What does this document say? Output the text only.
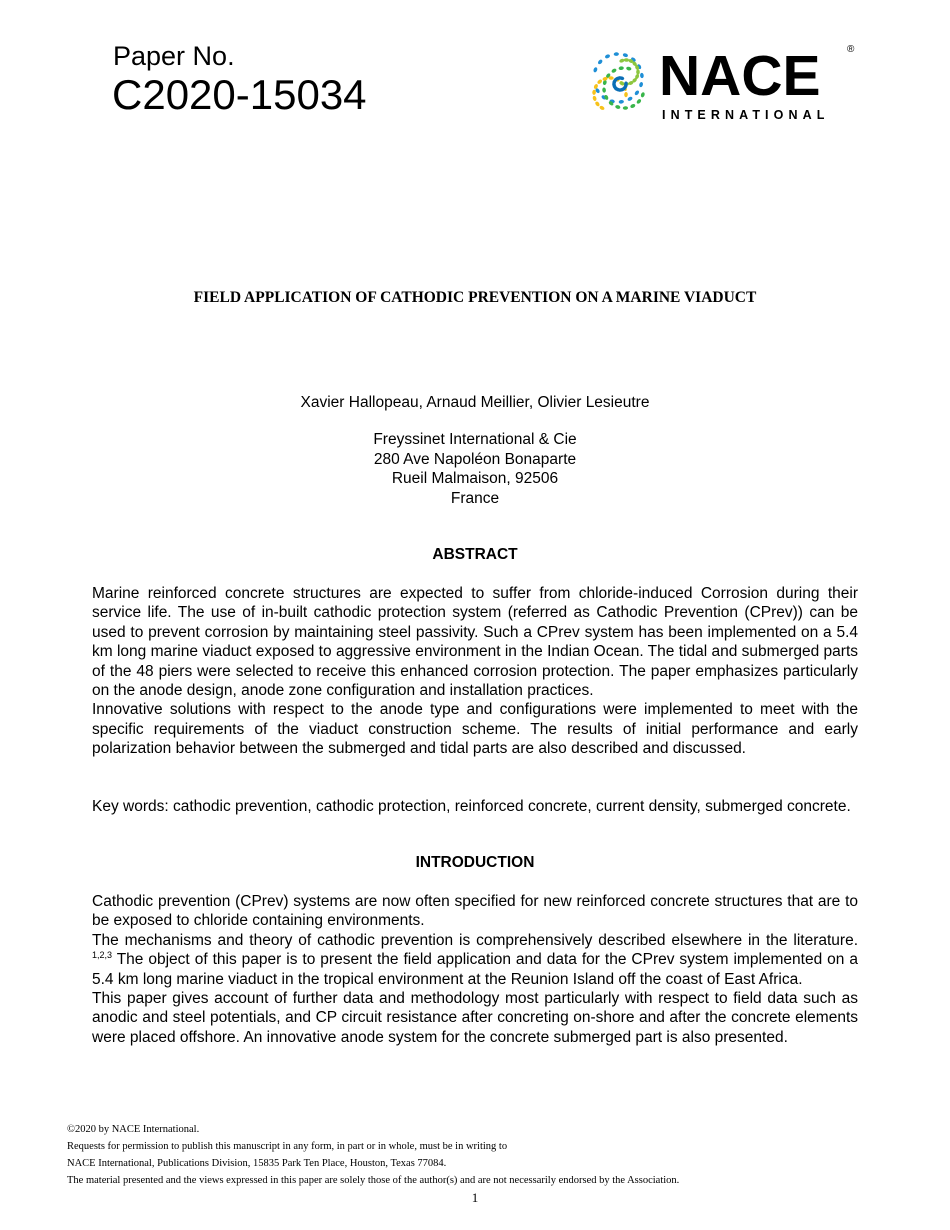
Paper No.
C2020-15034	NACE	®
INTERNATIONAL
FIELD APPLICATION OF CATHODIC PREVENTION ON A MARINE VIADUCT
Xavier Hallopeau, Arnaud Meillier, Olivier Lesieutre
Freyssinet International & Cie
280 Ave Napoléon Bonaparte
Rueil Malmaison, 92506
France
ABSTRACT

Marine reinforced concrete structures are expected to suffer from chloride-induced Corrosion during their service life. The use of in-built cathodic protection system (referred as Cathodic Prevention (CPrev)) can be used to prevent corrosion by maintaining steel passivity. Such a CPrev system has been implemented on a 5.4 km long marine viaduct exposed to aggressive environment in the Indian Ocean. The tidal and submerged parts of the 48 piers were selected to receive this enhanced corrosion protection. The paper emphasizes particularly on the anode design, anode zone configuration and installation practices.

Innovative solutions with respect to the anode type and configurations were implemented to meet with the specific requirements of the viaduct construction scheme. The results of initial performance and early polarization behavior between the submerged and tidal parts are also described and discussed.

Key words: cathodic prevention, cathodic protection, reinforced concrete, current density, submerged concrete.
INTRODUCTION

Cathodic prevention (CPrev) systems are now often specified for new reinforced concrete structures that are to be exposed to chloride containing environments.

The mechanisms and theory of cathodic prevention is comprehensively described elsewhere in the literature. $^{1,2,3}$ The object of this paper is to present the field application and data for the CPrev system implemented on a 5.4 km long marine viaduct in the tropical environment at the Reunion Island off the coast of East Africa.

This paper gives account of further data and methodology most particularly with respect to field data such as anodic and steel potentials, and CP circuit resistance after concreting on-shore and after the concrete elements were placed offshore. An innovative anode system for the concrete submerged part is also presented.

©2020 by NACE International.
Requests for permission to publish this manuscript in any form, in part or in whole, must be in writing to
NACE International, Publications Division, 15835 Park Ten Place, Houston, Texas 77084.
The material presented and the views expressed in this paper are solely those of the author(s) and are not necessarily endorsed by the Association.
1
